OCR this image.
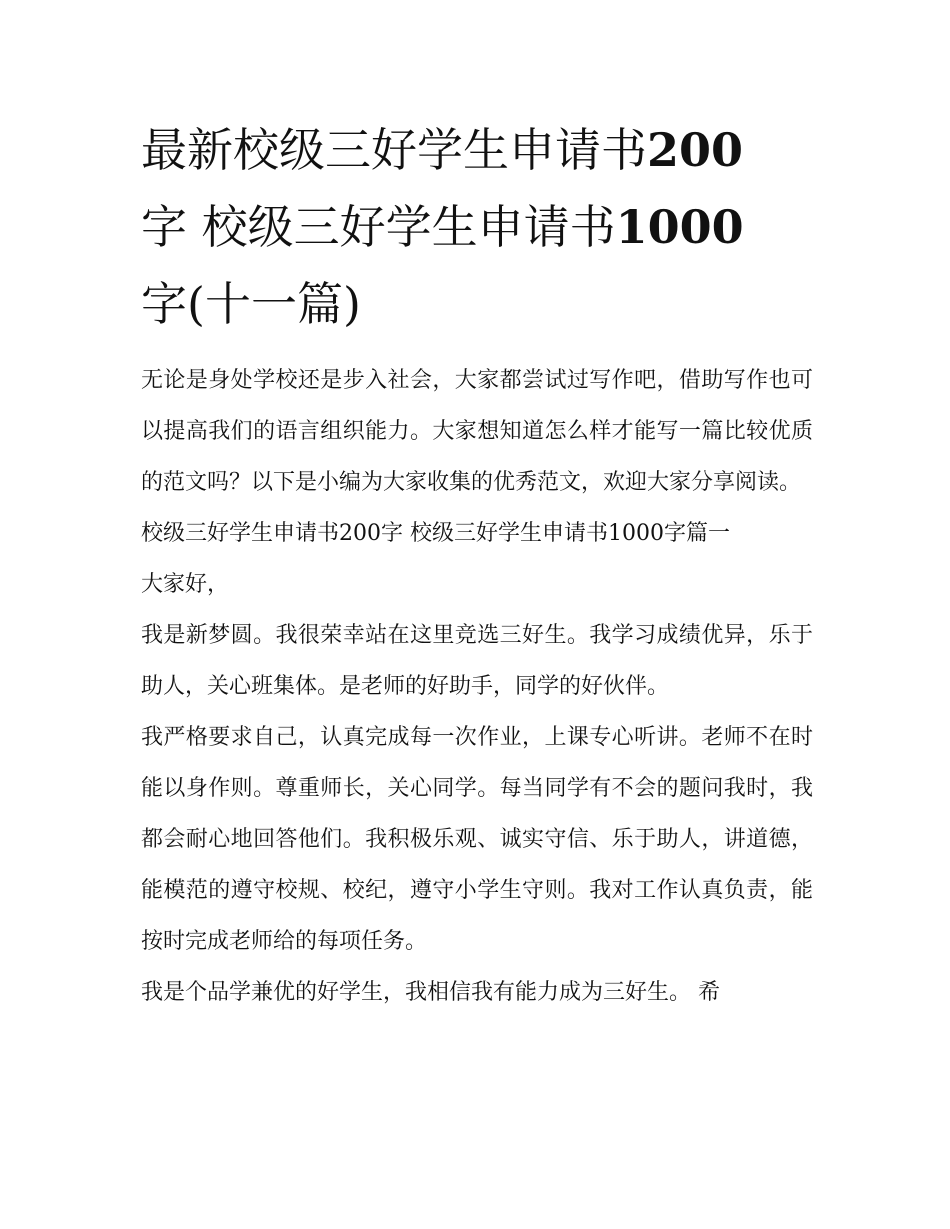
最新校级三好学生申请书200
字 校级三好学生申请书1000
字(十一篇)

无论是身处学校还是步入社会，大家都尝试过写作吧，借助写作也可以提高我们的语言组织能力。大家想知道怎么样才能写一篇比较优质的范文吗？以下是小编为大家收集的优秀范文，欢迎大家分享阅读。

校级三好学生申请书200字 校级三好学生申请书1000字篇一

大家好，

我是新梦圆。我很荣幸站在这里竞选三好生。我学习成绩优异，乐于助人，关心班集体。是老师的好助手，同学的好伙伴。

我严格要求自己，认真完成每一次作业，上课专心听讲。老师不在时能以身作则。尊重师长，关心同学。每当同学有不会的题问我时，我都会耐心地回答他们。我积极乐观、诚实守信、乐于助人，讲道德，能模范的遵守校规、校纪，遵守小学生守则。我对工作认真负责，能按时完成老师给的每项任务。

我是个品学兼优的好学生，我相信我有能力成为三好生。 希
